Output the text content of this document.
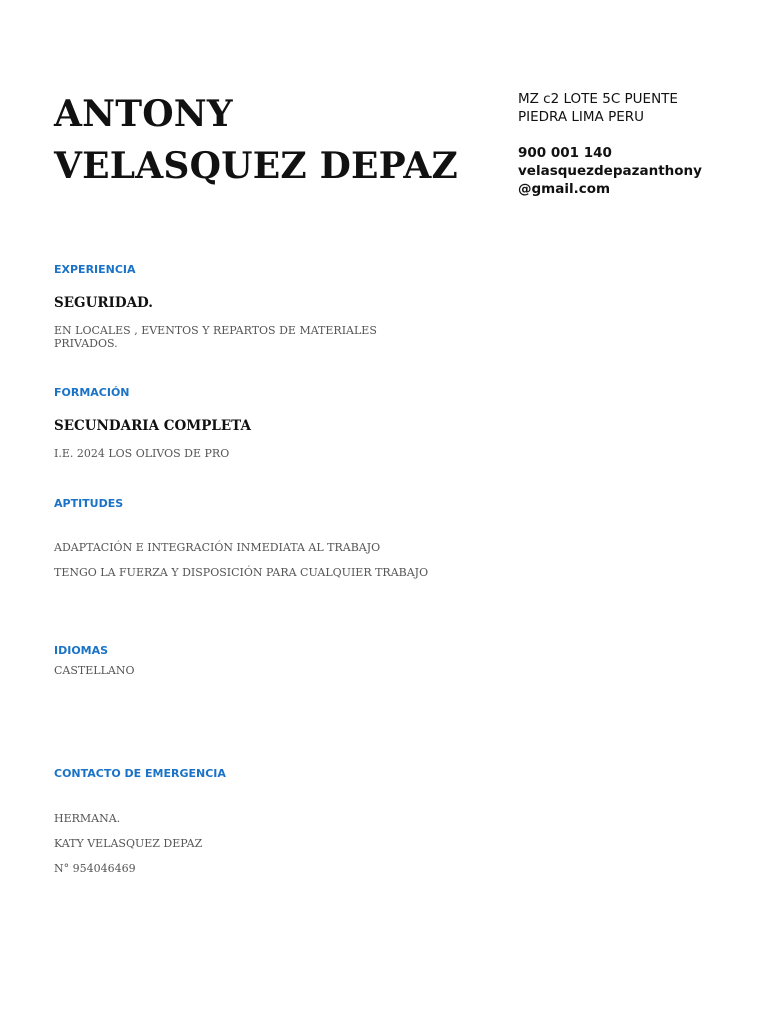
ANTONY
VELASQUEZ DEPAZ
MZ c2 LOTE 5C PUENTE
PIEDRA LIMA PERU
900 001 140
velasquezdepazanthony
@gmail.com
EXPERIENCIA
SEGURIDAD.

EN LOCALES , EVENTOS Y REPARTOS DE MATERIALES
PRIVADOS.

FORMACIÓN
SECUNDARIA COMPLETA

I.E. 2024 LOS OLIVOS DE PRO

APTITUDES

ADAPTACIÓN E INTEGRACIÓN INMEDIATA AL TRABAJO

TENGO LA FUERZA Y DISPOSICIÓN PARA CUALQUIER TRABAJO

IDIOMAS

CASTELLANO

CONTACTO DE EMERGENCIA

HERMANA.

KATY VELASQUEZ DEPAZ

N° 954046469
